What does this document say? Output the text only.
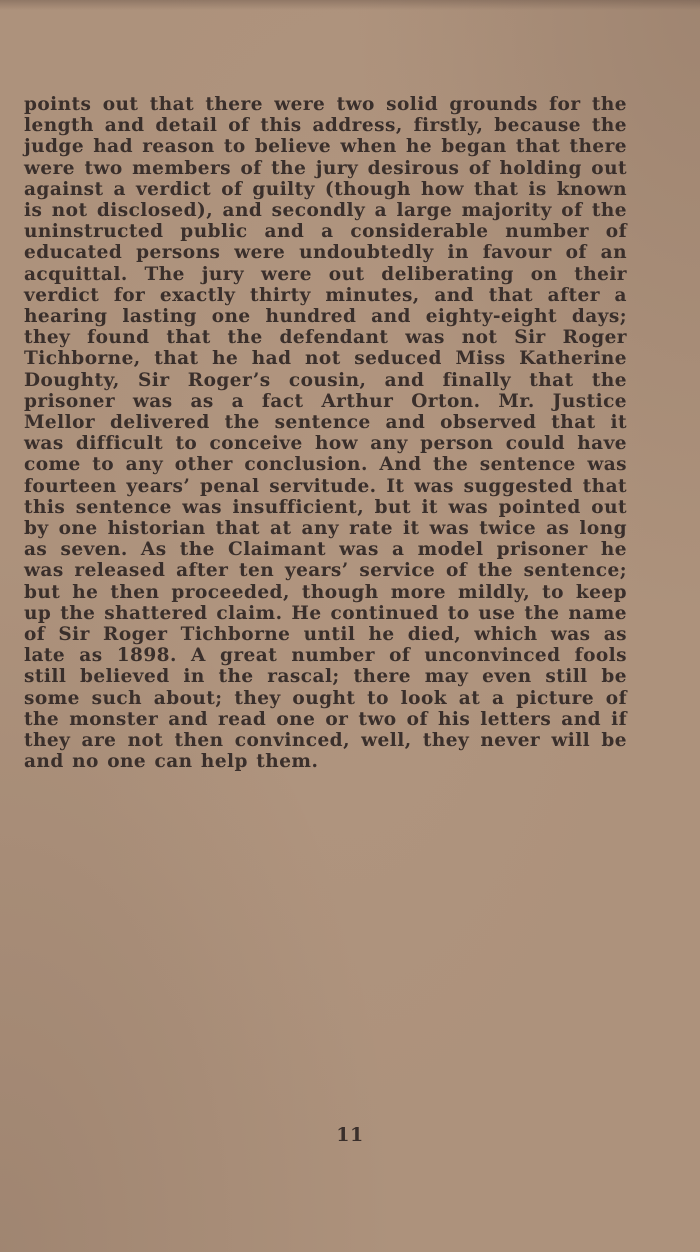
points out that there were two solid grounds for the length and detail of this address, firstly, because the judge had reason to believe when he began that there were two members of the jury desirous of holding out against a verdict of guilty (though how that is known is not disclosed), and secondly a large majority of the uninstructed public and a considerable number of educated persons were undoubtedly in favour of an acquittal. The jury were out deliberating on their verdict for exactly thirty minutes, and that after a hearing lasting one hundred and eighty-eight days; they found that the defendant was not Sir Roger Tichborne, that he had not seduced Miss Katherine Doughty, Sir Roger’s cousin, and finally that the prisoner was as a fact Arthur Orton. Mr. Justice Mellor delivered the sentence and observed that it was difficult to conceive how any person could have come to any other conclusion. And the sentence was fourteen years’ penal servitude. It was suggested that this sentence was insufficient, but it was pointed out by one historian that at any rate it was twice as long as seven. As the Claimant was a model prisoner he was released after ten years’ service of the sentence; but he then proceeded, though more mildly, to keep up the shattered claim. He continued to use the name of Sir Roger Tichborne until he died, which was as late as 1898. A great number of unconvinced fools still believed in the rascal; there may even still be some such about; they ought to look at a picture of the monster and read one or two of his letters and if they are not then convinced, well, they never will be and no one can help them.

11
